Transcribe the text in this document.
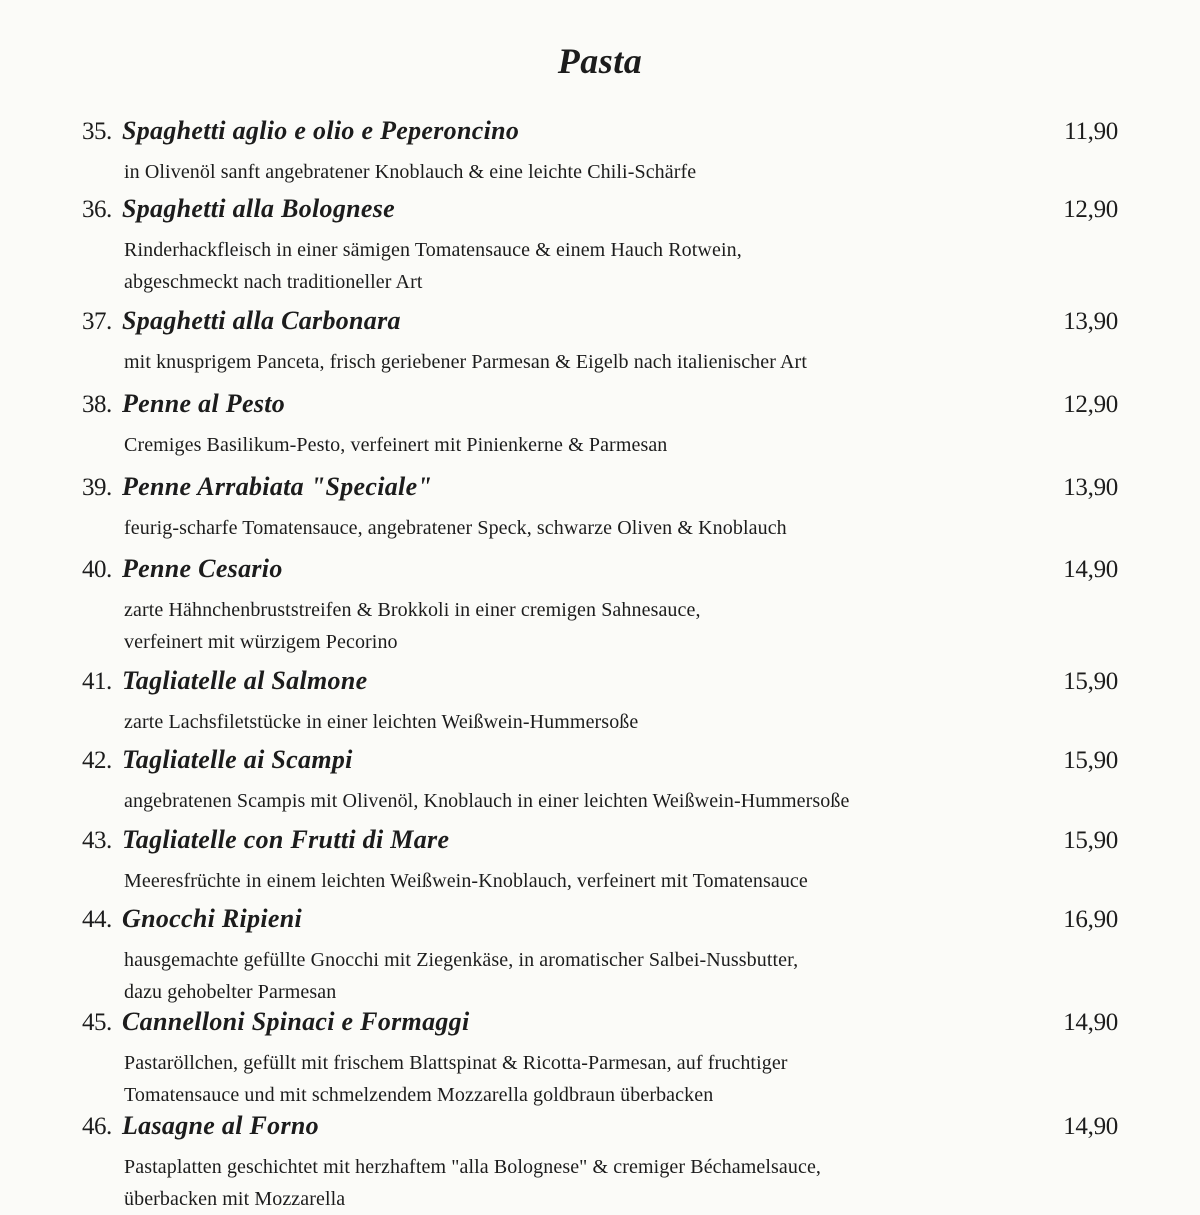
Pasta
35. Spaghetti aglio e olio e Peperoncino	11,90
in Olivenöl sanft angebratener Knoblauch & eine leichte Chili-Schärfe
36. Spaghetti alla Bolognese	12,90
Rinderhackfleisch in einer sämigen Tomatensauce & einem Hauch Rotwein,
abgeschmeckt nach traditioneller Art
37. Spaghetti alla Carbonara	13,90
mit knusprigem Panceta, frisch geriebener Parmesan & Eigelb nach italienischer Art
38. Penne al Pesto	12,90
Cremiges Basilikum-Pesto, verfeinert mit Pinienkerne & Parmesan
39. Penne Arrabiata "Speciale"	13,90
feurig-scharfe Tomatensauce, angebratener Speck, schwarze Oliven & Knoblauch
40. Penne Cesario	14,90
zarte Hähnchenbruststreifen & Brokkoli in einer cremigen Sahnesauce,
verfeinert mit würzigem Pecorino
41. Tagliatelle al Salmone	15,90
zarte Lachsfiletstücke in einer leichten Weißwein-Hummersoße
42. Tagliatelle ai Scampi	15,90
angebratenen Scampis mit Olivenöl, Knoblauch in einer leichten Weißwein-Hummersoße
43. Tagliatelle con Frutti di Mare	15,90
Meeresfrüchte in einem leichten Weißwein-Knoblauch, verfeinert mit Tomatensauce
44. Gnocchi Ripieni	16,90
hausgemachte gefüllte Gnocchi mit Ziegenkäse, in aromatischer Salbei-Nussbutter,
dazu gehobelter Parmesan
45. Cannelloni Spinaci e Formaggi	14,90
Pastaröllchen, gefüllt mit frischem Blattspinat & Ricotta-Parmesan, auf fruchtiger
Tomatensauce und mit schmelzendem Mozzarella goldbraun überbacken
46. Lasagne al Forno	14,90
Pastaplatten geschichtet mit herzhaftem "alla Bolognese" & cremiger Béchamelsauce,
überbacken mit Mozzarella
